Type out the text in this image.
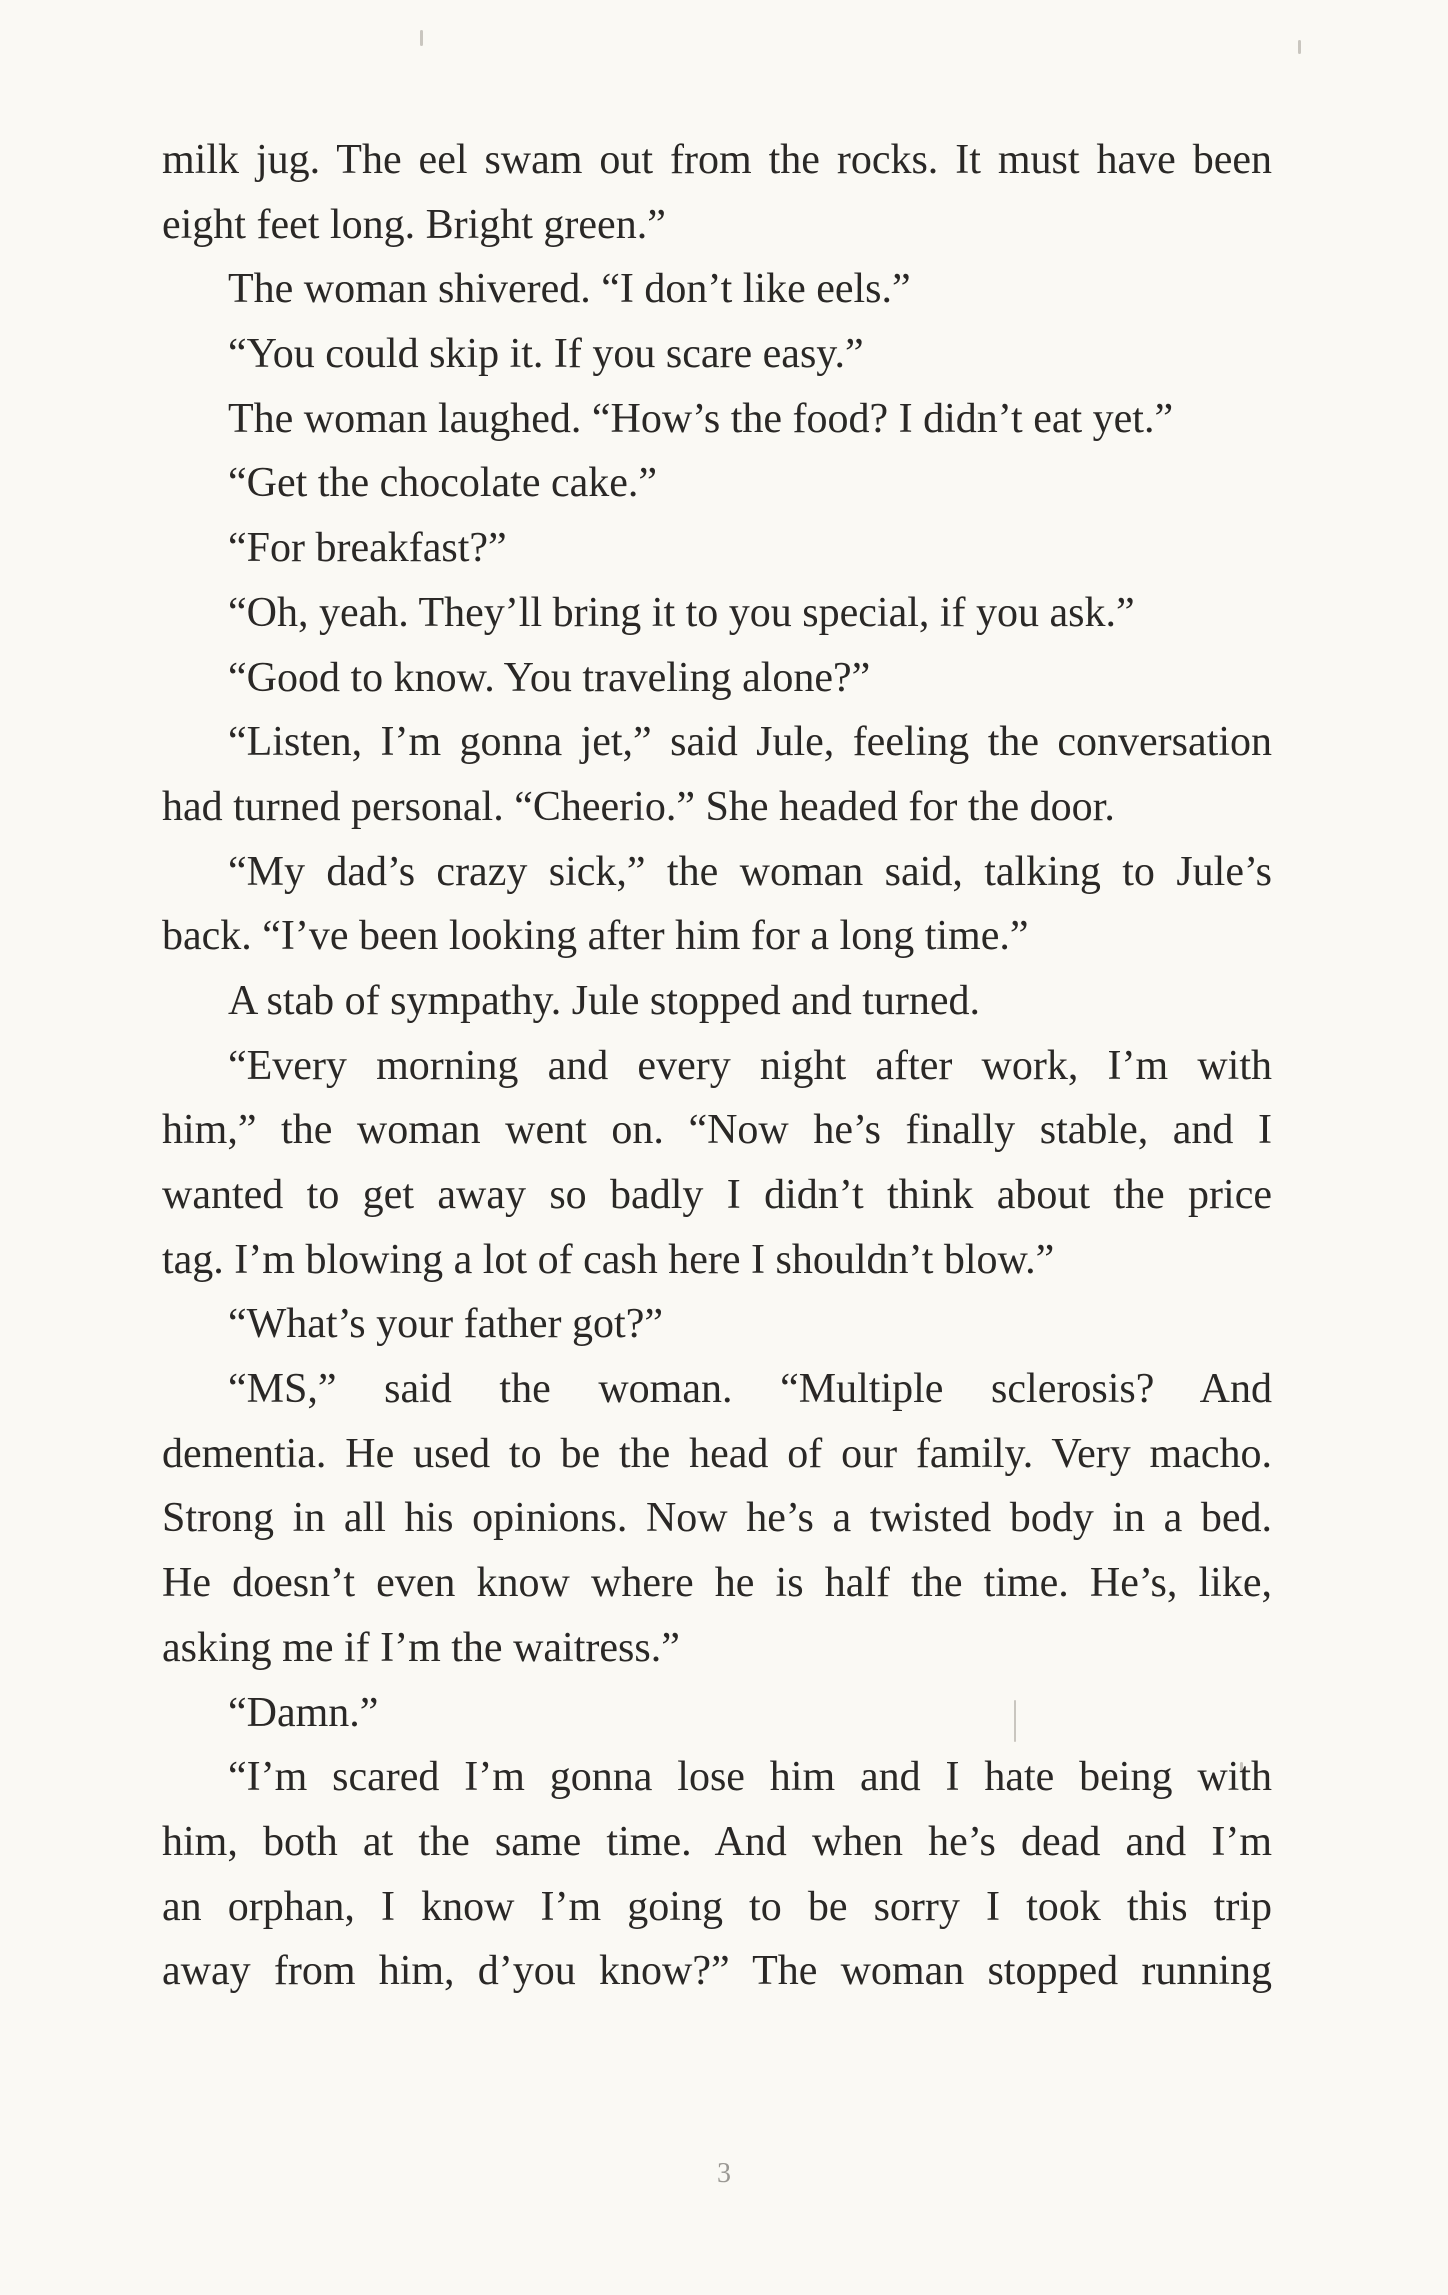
milk jug. The eel swam out from the rocks. It must have been
eight feet long. Bright green.”
The woman shivered. “I don’t like eels.”
“You could skip it. If you scare easy.”
The woman laughed. “How’s the food? I didn’t eat yet.”
“Get the chocolate cake.”
“For breakfast?”
“Oh, yeah. They’ll bring it to you special, if you ask.”
“Good to know. You traveling alone?”
“Listen, I’m gonna jet,” said Jule, feeling the conversation
had turned personal. “Cheerio.” She headed for the door.
“My dad’s crazy sick,” the woman said, talking to Jule’s
back. “I’ve been looking after him for a long time.”
A stab of sympathy. Jule stopped and turned.
“Every morning and every night after work, I’m with
him,” the woman went on. “Now he’s finally stable, and I
wanted to get away so badly I didn’t think about the price
tag. I’m blowing a lot of cash here I shouldn’t blow.”
“What’s your father got?”
“MS,” said the woman. “Multiple sclerosis? And
dementia. He used to be the head of our family. Very macho.
Strong in all his opinions. Now he’s a twisted body in a bed.
He doesn’t even know where he is half the time. He’s, like,
asking me if I’m the waitress.”
“Damn.”
“I’m scared I’m gonna lose him and I hate being with
him, both at the same time. And when he’s dead and I’m
an orphan, I know I’m going to be sorry I took this trip
away from him, d’you know?” The woman stopped running
3
